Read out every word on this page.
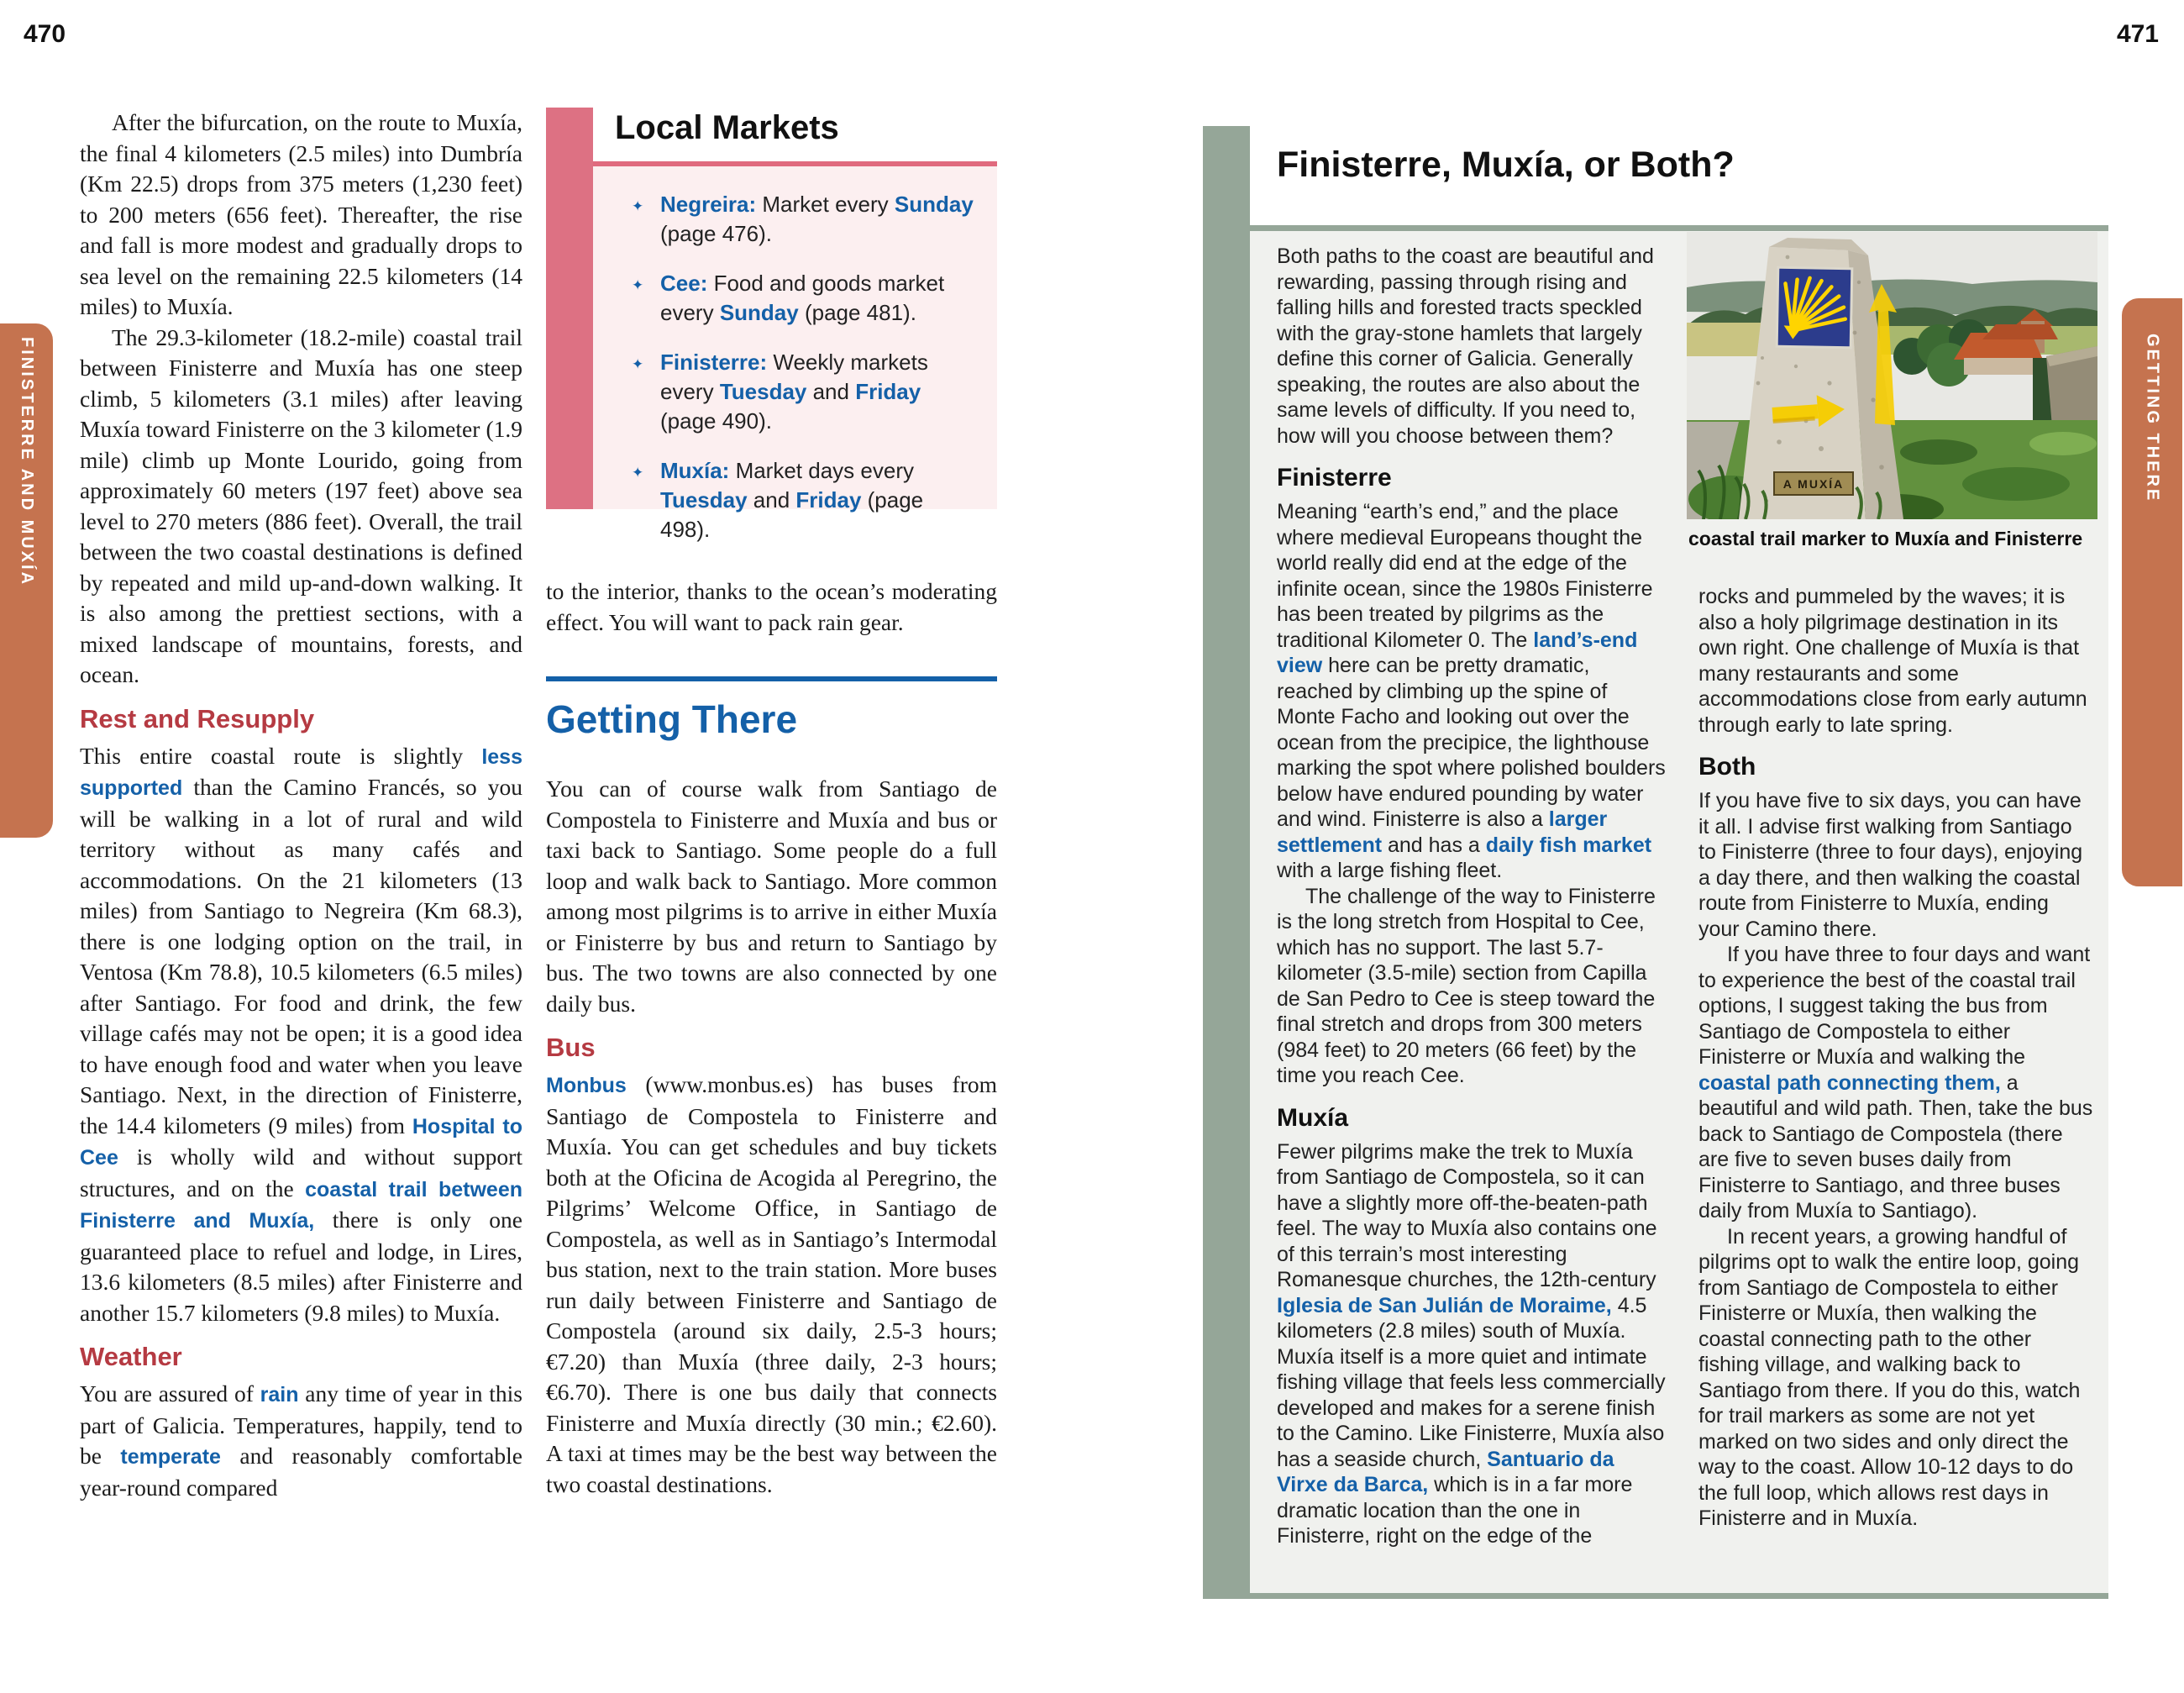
470	471
FINISTERRE AND MUXÍA	GETTING THERE

After the bifurcation, on the route to Muxía, the final 4 kilometers (2.5 miles) into Dumbría (Km 22.5) drops from 375 meters (1,230 feet) to 200 meters (656 feet). Thereafter, the rise and fall is more modest and gradually drops to sea level on the remaining 22.5 kilometers (14 miles) to Muxía.

The 29.3-kilometer (18.2-mile) coastal trail between Finisterre and Muxía has one steep climb, 5 kilometers (3.1 miles) after leaving Muxía toward Finisterre on the 3 kilometer (1.9 mile) climb up Monte Lourido, going from approximately 60 meters (197 feet) above sea level to 270 meters (886 feet). Overall, the trail between the two coastal destinations is defined by repeated and mild up-and-down walking. It is also among the prettiest sections, with a mixed landscape of mountains, forests, and ocean.

Rest and Resupply

This entire coastal route is slightly less supported than the Camino Francés, so you will be walking in a lot of rural and wild territory without as many cafés and accommodations. On the 21 kilometers (13 miles) from Santiago to Negreira (Km 68.3), there is one lodging option on the trail, in Ventosa (Km 78.8), 10.5 kilometers (6.5 miles) after Santiago. For food and drink, the few village cafés may not be open; it is a good idea to have enough food and water when you leave Santiago. Next, in the direction of Finisterre, the 14.4 kilometers (9 miles) from Hospital to Cee is wholly wild and without support structures, and on the coastal trail between Finisterre and Muxía, there is only one guaranteed place to refuel and lodge, in Lires, 13.6 kilometers (8.5 miles) after Finisterre and another 15.7 kilometers (9.8 miles) to Muxía.

Weather

You are assured of rain any time of year in this part of Galicia. Temperatures, happily, tend to be temperate and reasonably comfortable year-round compared

Local Markets
✦ Negreira: Market every Sunday (page 476).
✦ Cee: Food and goods market every Sunday (page 481).
✦ Finisterre: Weekly markets every Tuesday and Friday (page 490).
✦ Muxía: Market days every Tuesday and Friday (page 498).

to the interior, thanks to the ocean’s moderating effect. You will want to pack rain gear.

Getting There

You can of course walk from Santiago de Compostela to Finisterre and Muxía and bus or taxi back to Santiago. Some people do a full loop and walk back to Santiago. More common among most pilgrims is to arrive in either Muxía or Finisterre by bus and return to Santiago by bus. The two towns are also connected by one daily bus.

Bus

Monbus (www.monbus.es) has buses from Santiago de Compostela to Finisterre and Muxía. You can get schedules and buy tickets both at the Oficina de Acogida al Peregrino, the Pilgrims’ Welcome Office, in Santiago de Compostela, as well as in Santiago’s Intermodal bus station, next to the train station. More buses run daily between Finisterre and Santiago de Compostela (around six daily, 2.5-3 hours; €7.20) than Muxía (three daily, 2-3 hours; €6.70). There is one bus daily that connects Finisterre and Muxía directly (30 min.; €2.60). A taxi at times may be the best way between the two coastal destinations.

Finisterre, Muxía, or Both?

Both paths to the coast are beautiful and rewarding, passing through rising and falling hills and forested tracts speckled with the gray-stone hamlets that largely define this corner of Galicia. Generally speaking, the routes are also about the same levels of difficulty. If you need to, how will you choose between them?

Finisterre

Meaning “earth’s end,” and the place where medieval Europeans thought the world really did end at the edge of the infinite ocean, since the 1980s Finisterre has been treated by pilgrims as the traditional Kilometer 0. The land’s-end view here can be pretty dramatic, reached by climbing up the spine of Monte Facho and looking out over the ocean from the precipice, the lighthouse marking the spot where polished boulders below have endured pounding by water and wind. Finisterre is also a larger settlement and has a daily fish market with a large fishing fleet.

The challenge of the way to Finisterre is the long stretch from Hospital to Cee, which has no support. The last 5.7-kilometer (3.5-mile) section from Capilla de San Pedro to Cee is steep toward the final stretch and drops from 300 meters (984 feet) to 20 meters (66 feet) by the time you reach Cee.

Muxía

Fewer pilgrims make the trek to Muxía from Santiago de Compostela, so it can have a slightly more off-the-beaten-path feel. The way to Muxía also contains one of this terrain’s most interesting Romanesque churches, the 12th-century Iglesia de San Julián de Moraime, 4.5 kilometers (2.8 miles) south of Muxía. Muxía itself is a more quiet and intimate fishing village that feels less commercially developed and makes for a serene finish to the Camino. Like Finisterre, Muxía also has a seaside church, Santuario da Virxe da Barca, which is in a far more dramatic location than the one in Finisterre, right on the edge of the

A MUXÍA
coastal trail marker to Muxía and Finisterre

rocks and pummeled by the waves; it is also a holy pilgrimage destination in its own right. One challenge of Muxía is that many restaurants and some accommodations close from early autumn through early to late spring.

Both

If you have five to six days, you can have it all. I advise first walking from Santiago to Finisterre (three to four days), enjoying a day there, and then walking the coastal route from Finisterre to Muxía, ending your Camino there.

If you have three to four days and want to experience the best of the coastal trail options, I suggest taking the bus from Santiago de Compostela to either Finisterre or Muxía and walking the coastal path connecting them, a beautiful and wild path. Then, take the bus back to Santiago de Compostela (there are five to seven buses daily from Finisterre to Santiago, and three buses daily from Muxía to Santiago).

In recent years, a growing handful of pilgrims opt to walk the entire loop, going from Santiago de Compostela to either Finisterre or Muxía, then walking the coastal connecting path to the other fishing village, and walking back to Santiago from there. If you do this, watch for trail markers as some are not yet marked on two sides and only direct the way to the coast. Allow 10-12 days to do the full loop, which allows rest days in Finisterre and in Muxía.
